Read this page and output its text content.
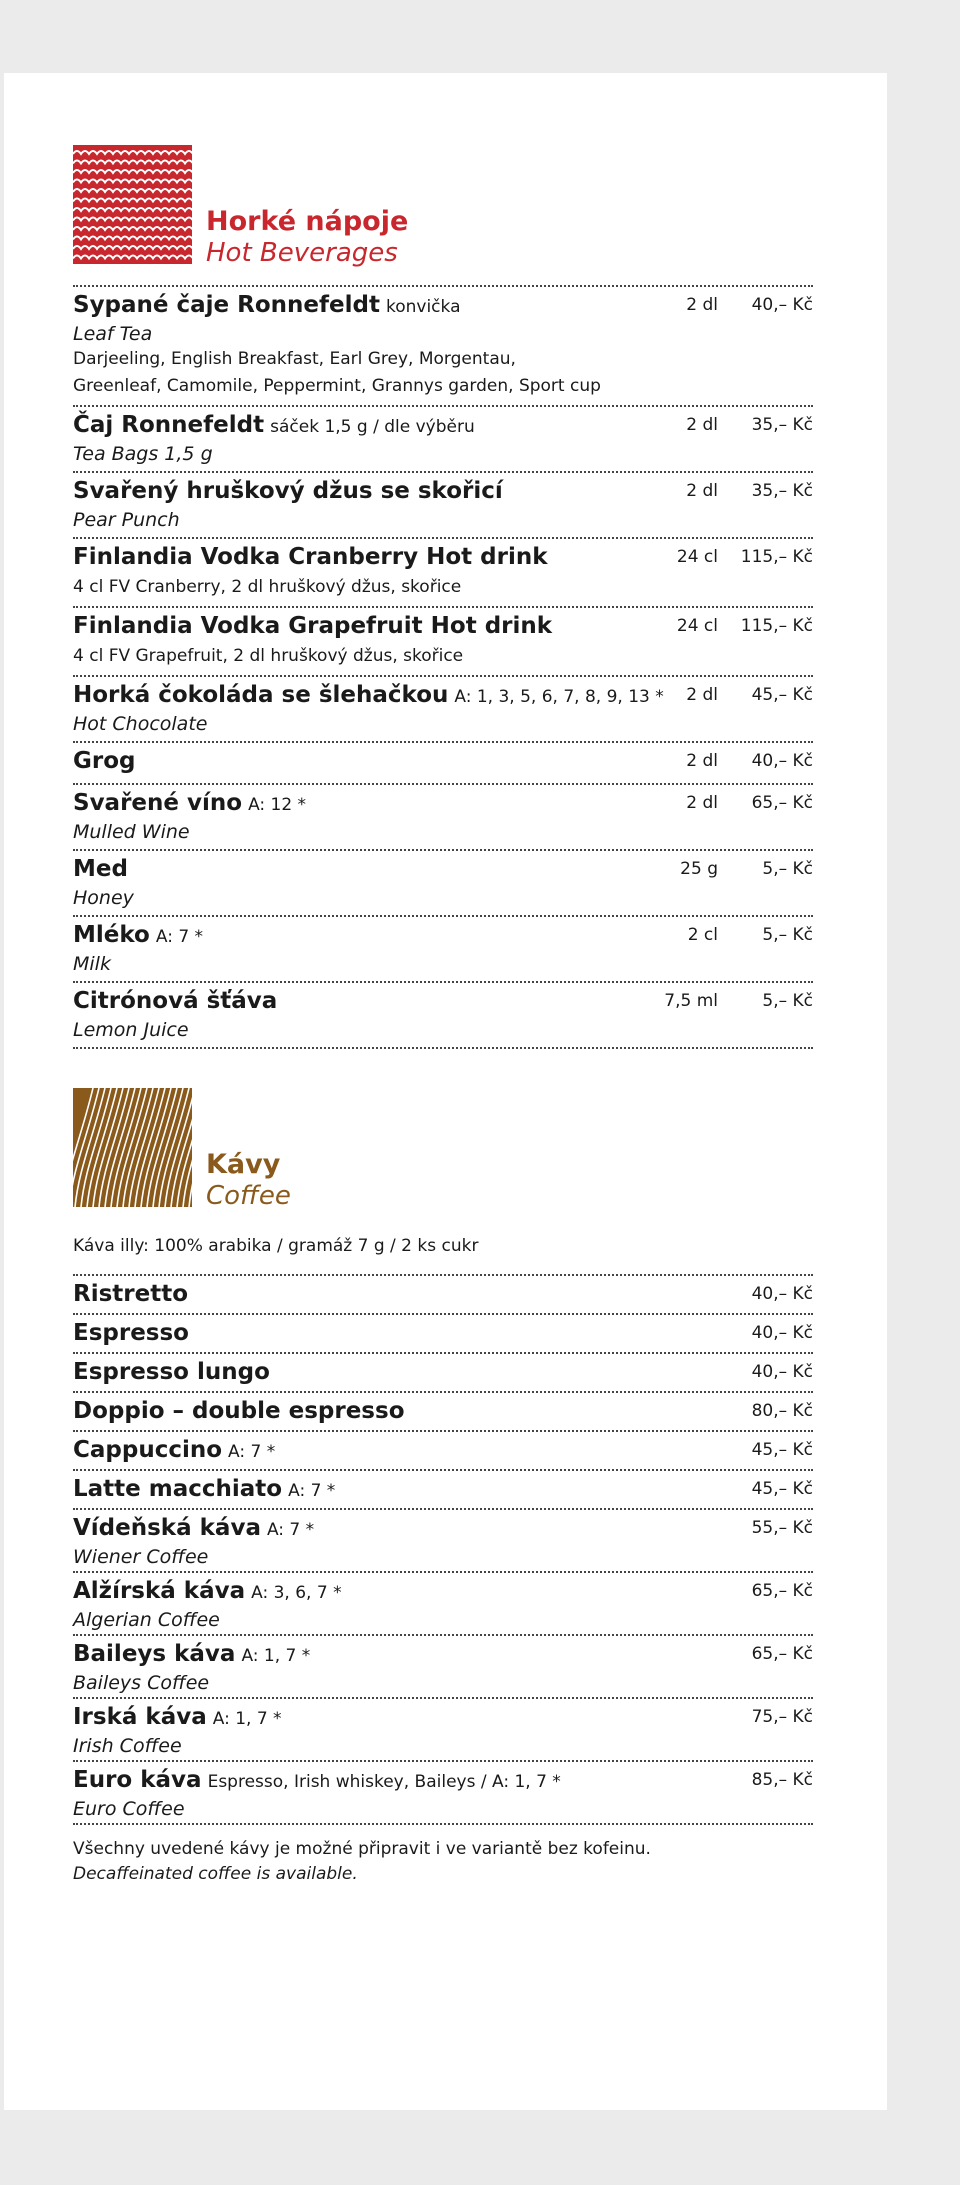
Horké nápoje
Hot Beverages
Sypané čaje Ronnefeldt konvička	2 dl 40,– Kč
Leaf Tea
Darjeeling, English Breakfast, Earl Grey, Morgentau,
Greenleaf, Camomile, Peppermint, Grannys garden, Sport cup
Čaj Ronnefeldt sáček 1,5 g / dle výběru	2 dl 35,– Kč
Tea Bags 1,5 g
Svařený hruškový džus se skořicí	2 dl 35,– Kč
Pear Punch
Finlandia Vodka Cranberry Hot drink	24 cl 115,– Kč
4 cl FV Cranberry, 2 dl hruškový džus, skořice
Finlandia Vodka Grapefruit Hot drink	24 cl 115,– Kč
4 cl FV Grapefruit, 2 dl hruškový džus, skořice
Horká čokoláda se šlehačkou A: 1, 3, 5, 6, 7, 8, 9, 13 * 2 dl 45,– Kč
Hot Chocolate
Grog	2 dl 40,– Kč
Svařené víno A: 12 *	2 dl 65,– Kč
Mulled Wine
Med	25 g	5,– Kč
Honey
Mléko A: 7 *	2 cl	5,– Kč
Milk
Citrónová šťáva	7,5 ml	5,– Kč
Lemon Juice
Kávy
Coffee
Káva illy: 100% arabika / gramáž 7 g / 2 ks cukr
Ristretto	40,– Kč
Espresso	40,– Kč
Espresso lungo	40,– Kč
Doppio – double espresso	80,– Kč
Cappuccino A: 7 *	45,– Kč
Latte macchiato A: 7 *	45,– Kč
Vídeňská káva A: 7 *	55,– Kč
Wiener Coffee
Alžírská káva A: 3, 6, 7 *	65,– Kč
Algerian Coffee
Baileys káva A: 1, 7 *	65,– Kč
Baileys Coffee
Irská káva A: 1, 7 *	75,– Kč
Irish Coffee
Euro káva Espresso, Irish whiskey, Baileys / A: 1, 7 *	85,– Kč
Euro Coffee
Všechny uvedené kávy je možné připravit i ve variantě bez kofeinu.
Decaffeinated coffee is available.
